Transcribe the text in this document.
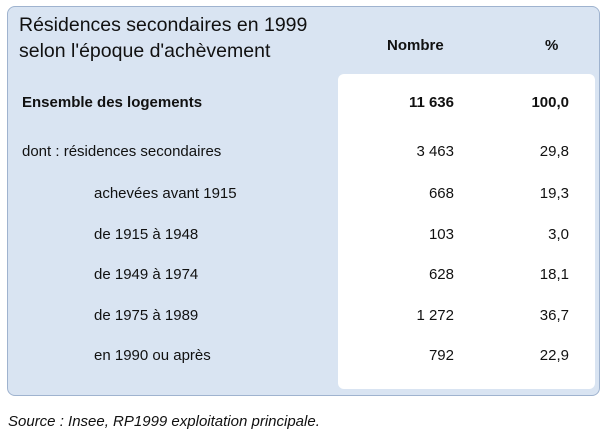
Résidences secondaires en 1999
selon l'époque d'achèvement	Nombre	%
Ensemble des logements	11 636	100,0
dont : résidences secondaires	3 463	29,8
achevées avant 1915	668	19,3
de 1915 à 1948	103	3,0
de 1949 à 1974	628	18,1
de 1975 à 1989	1 272	36,7
en 1990 ou après	792	22,9
Source : Insee, RP1999 exploitation principale.
